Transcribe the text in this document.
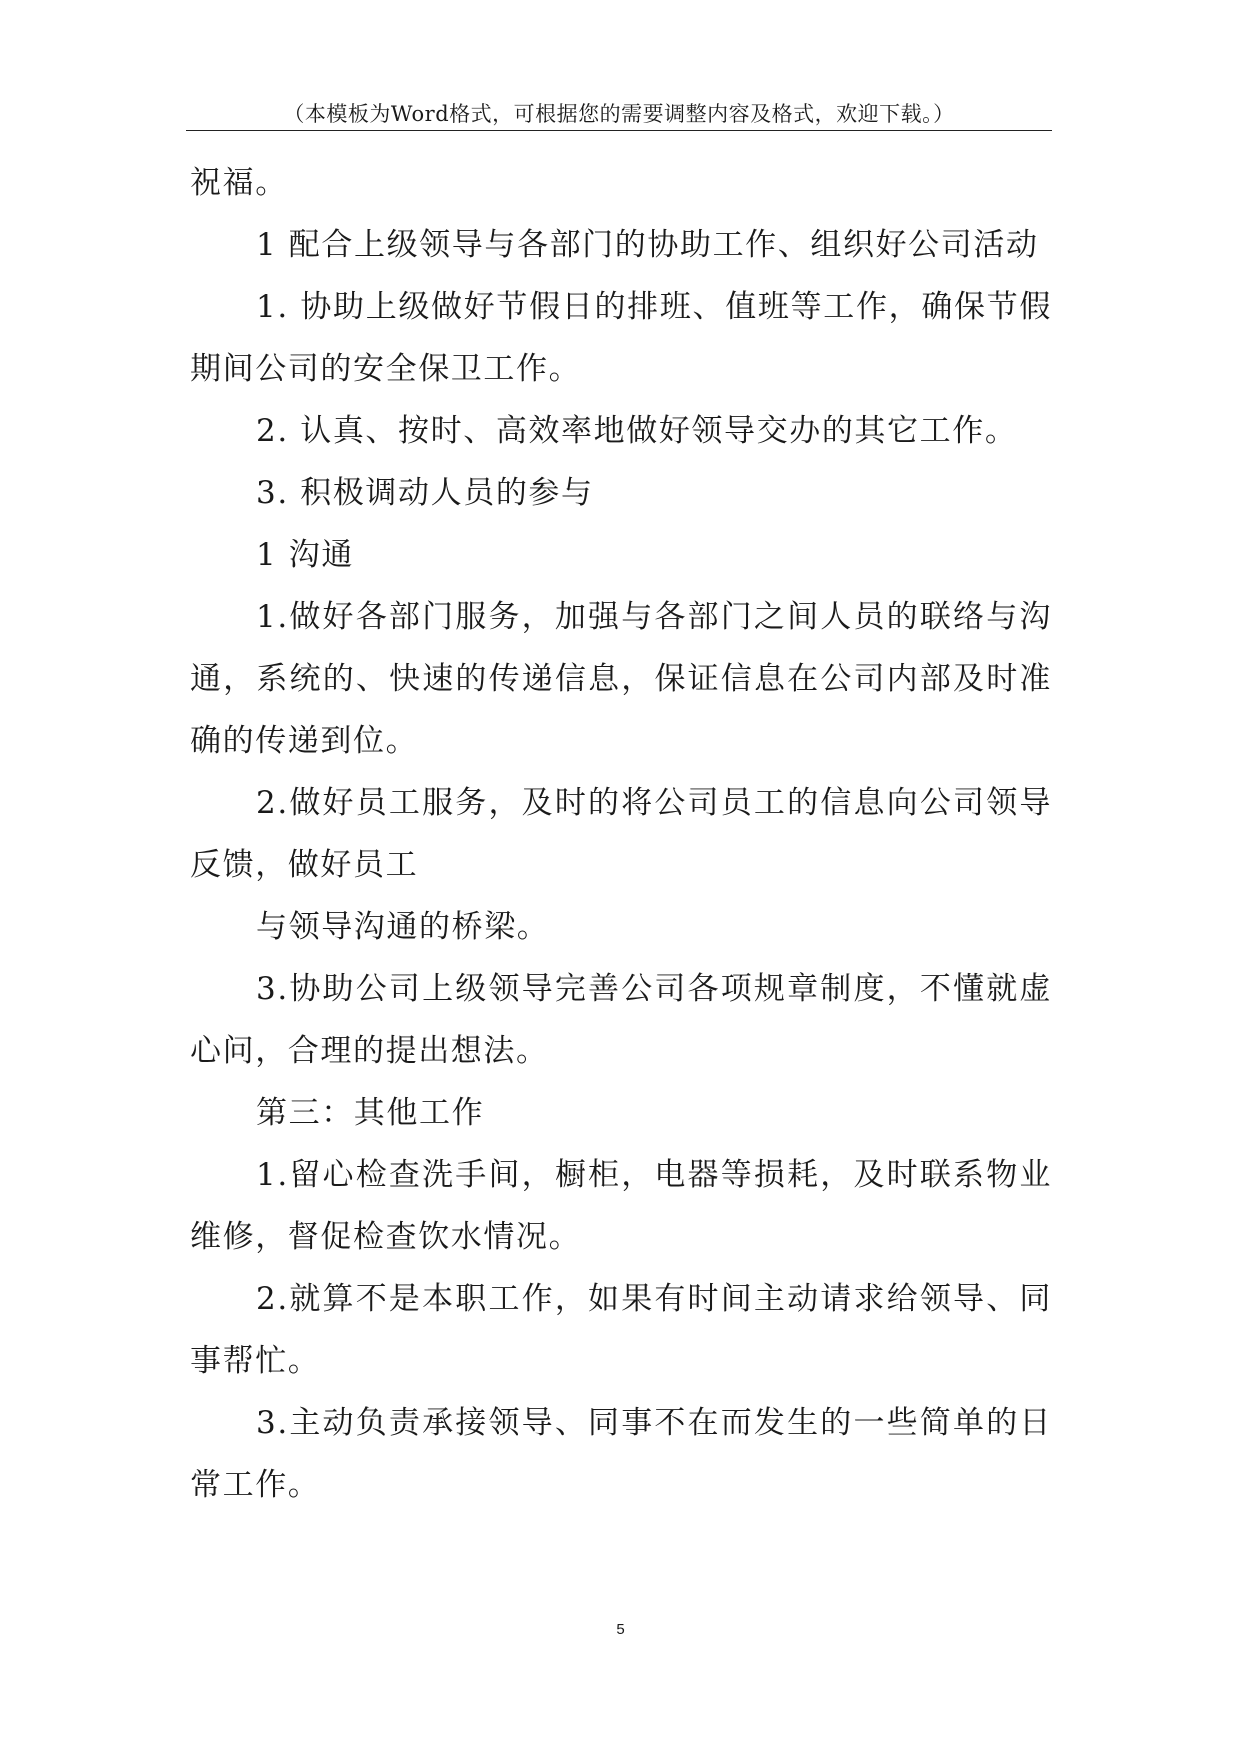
（本模板为Word格式，可根据您的需要调整内容及格式，欢迎下载。）

祝福。

1 配合上级领导与各部门的协助工作、组织好公司活动

1. 协助上级做好节假日的排班、值班等工作，确保节假期间公司的安全保卫工作。

2. 认真、按时、高效率地做好领导交办的其它工作。

3. 积极调动人员的参与

1 沟通

1.做好各部门服务，加强与各部门之间人员的联络与沟通，系统的、快速的传递信息，保证信息在公司内部及时准确的传递到位。

2.做好员工服务，及时的将公司员工的信息向公司领导反馈，做好员工

与领导沟通的桥梁。

3.协助公司上级领导完善公司各项规章制度，不懂就虚心问，合理的提出想法。

第三：其他工作

1.留心检查洗手间，橱柜，电器等损耗，及时联系物业维修，督促检查饮水情况。

2.就算不是本职工作，如果有时间主动请求给领导、同事帮忙。

3.主动负责承接领导、同事不在而发生的一些简单的日常工作。

5
